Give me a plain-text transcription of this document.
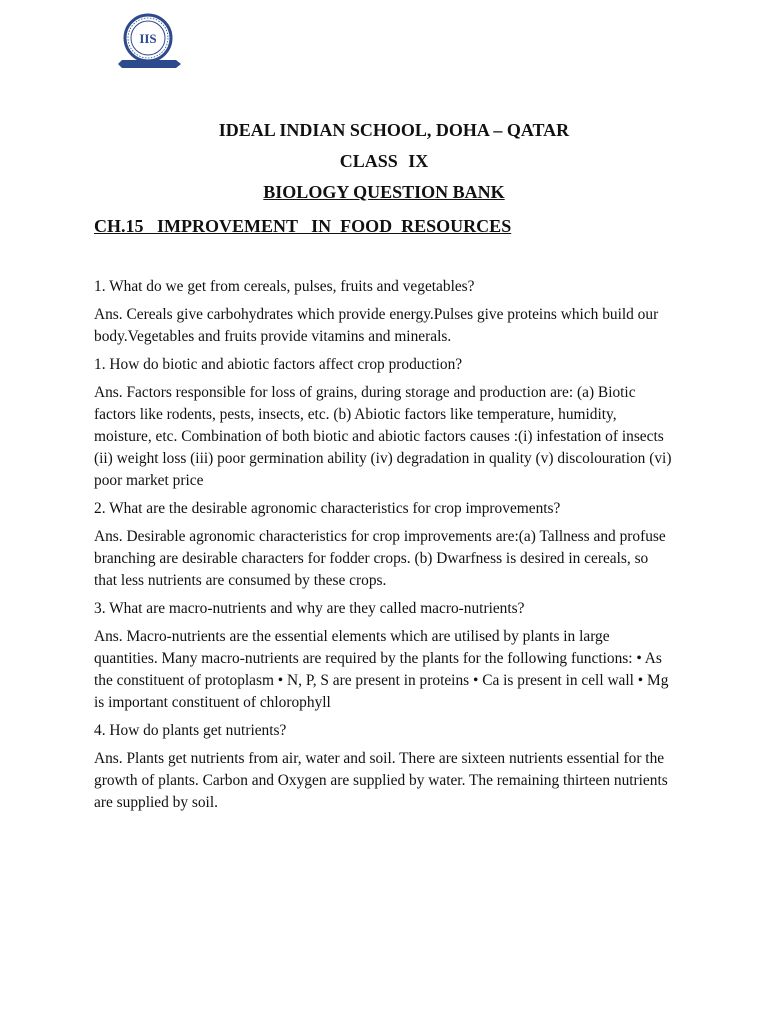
IIS

IDEAL INDIAN SCHOOL, DOHA – QATAR

CLASS IX

BIOLOGY QUESTION BANK

CH.15   IMPROVEMENT   IN  FOOD  RESOURCES

1. What do we get from cereals, pulses, fruits and vegetables?

Ans. Cereals give carbohydrates which provide energy.Pulses give proteins which build our body.Vegetables and fruits provide vitamins and minerals.

1. How do biotic and abiotic factors affect crop production?

Ans. Factors responsible for loss of grains, during storage and production are: (a) Biotic factors like rodents, pests, insects, etc. (b) Abiotic factors like temperature, humidity, moisture, etc. Combination of both biotic and abiotic factors causes :(i) infestation of insects (ii) weight loss (iii) poor germination ability (iv) degradation in quality (v) discolouration (vi) poor market price

2. What are the desirable agronomic characteristics for crop improvements?

Ans. Desirable agronomic characteristics for crop improvements are:(a) Tallness and profuse branching are desirable characters for fodder crops. (b) Dwarfness is desired in cereals, so that less nutrients are consumed by these crops.

3. What are macro-nutrients and why are they called macro-nutrients?

Ans. Macro-nutrients are the essential elements which are utilised by plants in large quantities. Many macro-nutrients are required by the plants for the following functions: • As the constituent of protoplasm • N, P, S are present in proteins • Ca is present in cell wall • Mg is important constituent of chlorophyll

4. How do plants get nutrients?

Ans. Plants get nutrients from air, water and soil. There are sixteen nutrients essential for the growth of plants. Carbon and Oxygen are supplied by water. The remaining thirteen nutrients are supplied by soil.
